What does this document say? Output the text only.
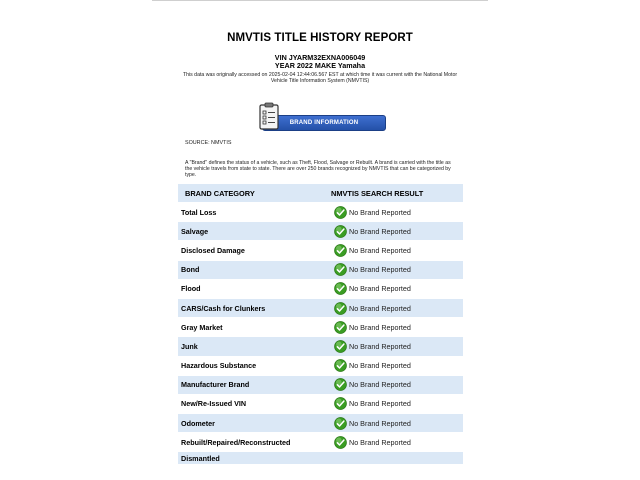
NMVTIS TITLE HISTORY REPORT
VIN JYARM32EXNA006049
YEAR 2022 MAKE Yamaha
This data was originally accessed on 2025-02-04 12:44:06.567 EST at which time it was current with the National Motor Vehicle Title Information System (NMVTIS)
BRAND INFORMATION
SOURCE: NMVTIS
A "Brand" defines the status of a vehicle, such as Theft, Flood, Salvage or Rebuilt. A brand is carried with the title as the vehicle travels from state to state. There are over 250 brands recognized by NMVTIS that can be categorized by type.
BRAND CATEGORY	NMVTIS SEARCH RESULT
Total Loss	No Brand Reported
Salvage	No Brand Reported
Disclosed Damage	No Brand Reported
Bond	No Brand Reported
Flood	No Brand Reported
CARS/Cash for Clunkers	No Brand Reported
Gray Market	No Brand Reported
Junk	No Brand Reported
Hazardous Substance	No Brand Reported
Manufacturer Brand	No Brand Reported
New/Re-Issued VIN	No Brand Reported
Odometer	No Brand Reported
Rebuilt/Repaired/Reconstructed	No Brand Reported
Dismantled	
